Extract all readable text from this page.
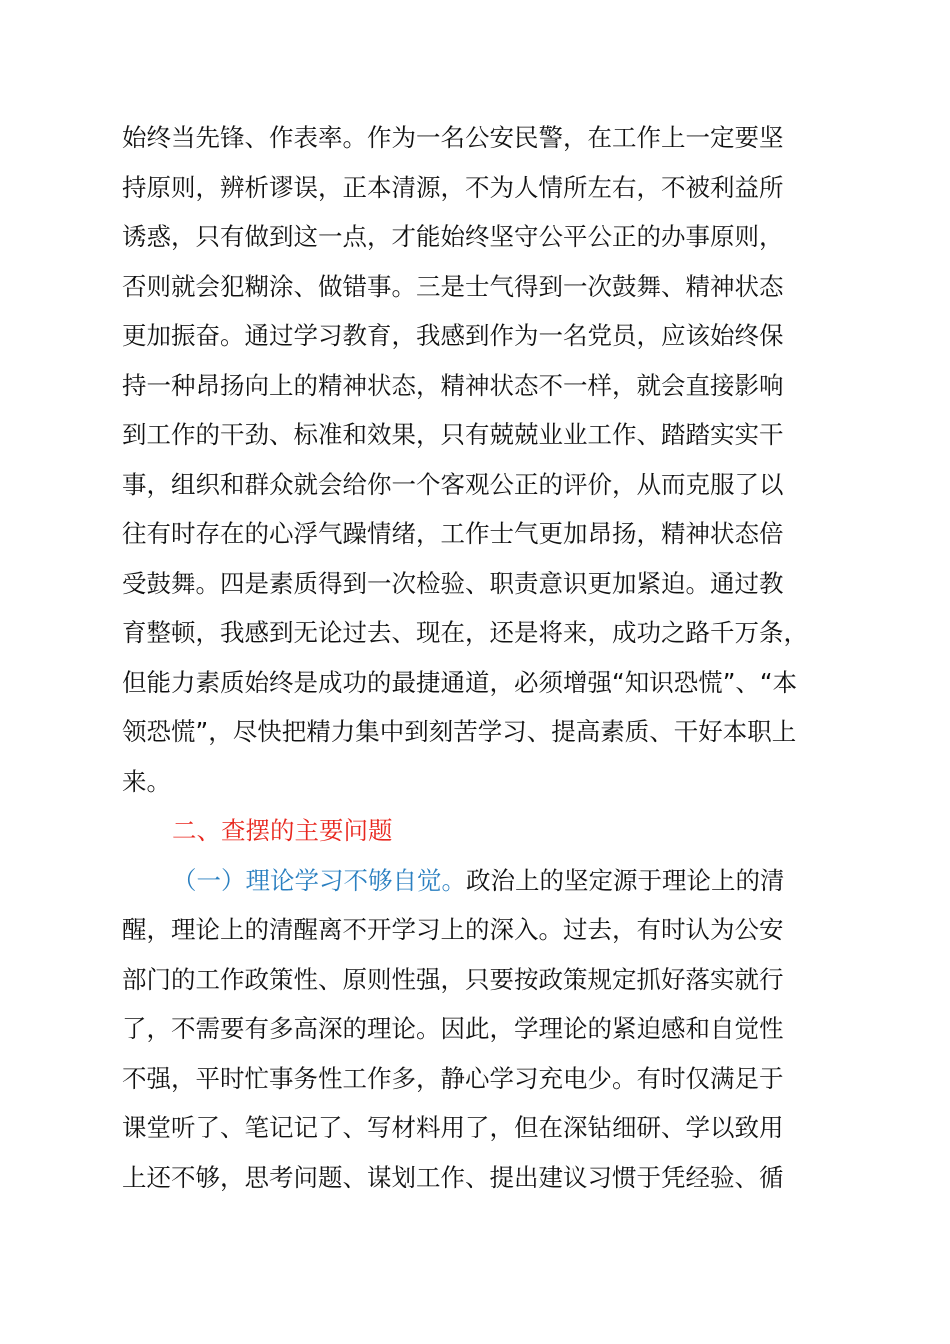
始终当先锋、作表率。作为一名公安民警，在工作上一定要坚
持原则，辨析谬误，正本清源，不为人情所左右，不被利益所
诱惑，只有做到这一点，才能始终坚守公平公正的办事原则，
否则就会犯糊涂、做错事。三是士气得到一次鼓舞、精神状态
更加振奋。通过学习教育，我感到作为一名党员，应该始终保
持一种昂扬向上的精神状态，精神状态不一样，就会直接影响
到工作的干劲、标准和效果，只有兢兢业业工作、踏踏实实干
事，组织和群众就会给你一个客观公正的评价，从而克服了以
往有时存在的心浮气躁情绪，工作士气更加昂扬，精神状态倍
受鼓舞。四是素质得到一次检验、职责意识更加紧迫。通过教
育整顿，我感到无论过去、现在，还是将来，成功之路千万条，
但能力素质始终是成功的最捷通道，必须增强“知识恐慌”、“本
领恐慌”，尽快把精力集中到刻苦学习、提高素质、干好本职上
来。
二、查摆的主要问题
（一）理论学习不够自觉。政治上的坚定源于理论上的清
醒，理论上的清醒离不开学习上的深入。过去，有时认为公安
部门的工作政策性、原则性强，只要按政策规定抓好落实就行
了，不需要有多高深的理论。因此，学理论的紧迫感和自觉性
不强，平时忙事务性工作多，静心学习充电少。有时仅满足于
课堂听了、笔记记了、写材料用了，但在深钻细研、学以致用
上还不够，思考问题、谋划工作、提出建议习惯于凭经验、循
